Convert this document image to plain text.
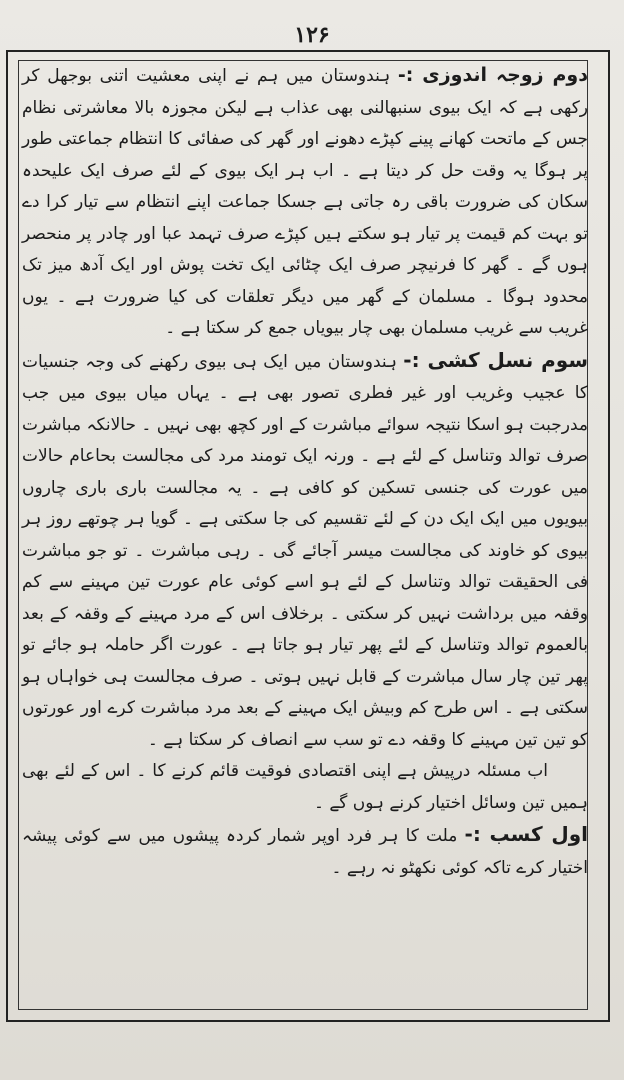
۱۲۶

دوم زوجہ اندوزی :- ہندوستان میں ہم نے اپنی معشیت اتنی بوجھل کر رکھی ہے کہ ایک بیوی سنبھالنی بھی عذاب ہے لیکن مجوزہ بالا معاشرتی نظام جس کے ماتحت کھانے پینے کپڑے دھونے اور گھر کی صفائی کا انتظام جماعتی طور پر ہوگا یہ وقت حل کر دیتا ہے ۔ اب ہر ایک بیوی کے لئے صرف ایک علیحدہ سکان کی ضرورت باقی رہ جاتی ہے جسکا جماعت اپنے انتظام سے تیار کرا دے تو بہت کم قیمت پر تیار ہو سکتے ہیں کپڑے صرف تہمد عبا اور چادر پر منحصر ہوں گے ۔ گھر کا فرنیچر صرف ایک چٹائی ایک تخت پوش اور ایک آدھ میز تک محدود ہوگا ۔ مسلمان کے گھر میں دیگر تعلقات کی کیا ضرورت ہے ۔ یوں غریب سے غریب مسلمان بھی چار بیویاں جمع کر سکتا ہے ۔

سوم نسل کشی :- ہندوستان میں ایک ہی بیوی رکھنے کی وجہ جنسیات کا عجیب وغریب اور غیر فطری تصور بھی ہے ۔ یہاں میاں بیوی میں جب مدرجبت ہو اسکا نتیجہ سوائے مباشرت کے اور کچھ بھی نہیں ۔ حالانکہ مباشرت صرف توالد وتناسل کے لئے ہے ۔ ورنہ ایک تومند مرد کی مجالست بحاعام حالات میں عورت کی جنسی تسکین کو کافی ہے ۔ یہ مجالست باری باری چاروں بیویوں میں ایک ایک دن کے لئے تقسیم کی جا سکتی ہے ۔ گویا ہر چوتھے روز ہر بیوی کو خاوند کی مجالست میسر آجائے گی ۔ رہی مباشرت ۔ تو جو مباشرت فی الحقیقت توالد وتناسل کے لئے ہو اسے کوئی عام عورت تین مہینے سے کم وقفہ میں برداشت نہیں کر سکتی ۔ برخلاف اس کے مرد مہینے کے وقفہ کے بعد بالعموم توالد وتناسل کے لئے پھر تیار ہو جاتا ہے ۔ عورت اگر حاملہ ہو جائے تو پھر تین چار سال مباشرت کے قابل نہیں ہوتی ۔ صرف مجالست ہی خواہاں ہو سکتی ہے ۔ اس طرح کم وبیش ایک مہینے کے بعد مرد مباشرت کرے اور عورتوں کو تین تین مہینے کا وقفہ دے تو سب سے انصاف کر سکتا ہے ۔

اب مسئلہ درپیش ہے اپنی اقتصادی فوقیت قائم کرنے کا ۔ اس کے لئے بھی ہمیں تین وسائل اختیار کرنے ہوں گے ۔

اول کسب :- ملت کا ہر فرد اوپر شمار کردہ پیشوں میں سے کوئی پیشہ اختیار کرے تاکہ کوئی نکھٹو نہ رہے ۔
